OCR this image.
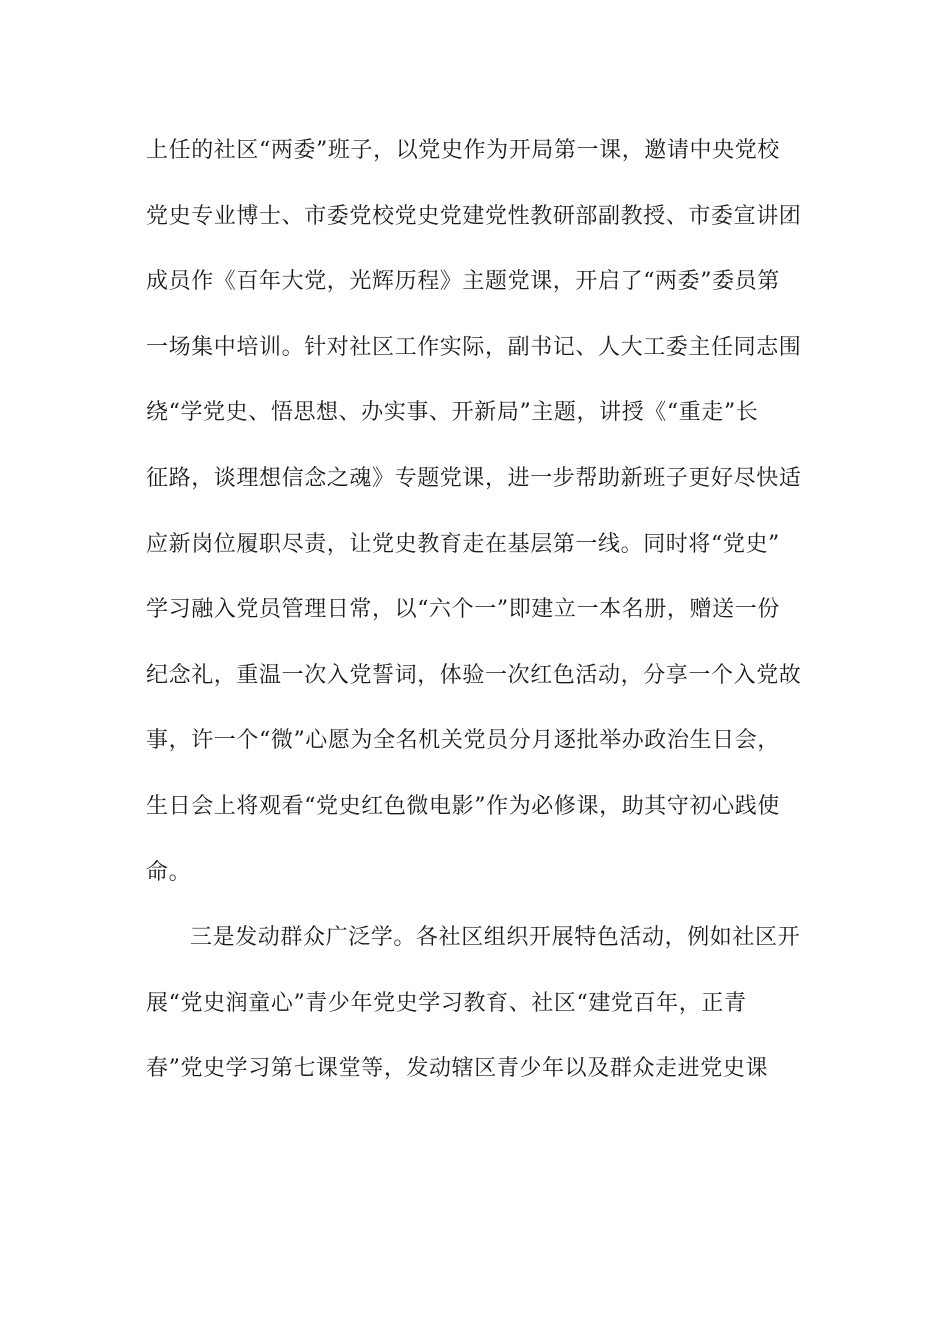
上任的社区“两委”班子，以党史作为开局第一课，邀请中央党校
党史专业博士、市委党校党史党建党性教研部副教授、市委宣讲团
成员作《百年大党，光辉历程》主题党课，开启了“两委”委员第
一场集中培训。针对社区工作实际，副书记、人大工委主任同志围
绕“学党史、悟思想、办实事、开新局”主题，讲授《“重走”长
征路，谈理想信念之魂》专题党课，进一步帮助新班子更好尽快适
应新岗位履职尽责，让党史教育走在基层第一线。同时将“党史”
学习融入党员管理日常，以“六个一”即建立一本名册，赠送一份
纪念礼，重温一次入党誓词，体验一次红色活动，分享一个入党故
事，许一个“微”心愿为全名机关党员分月逐批举办政治生日会，
生日会上将观看“党史红色微电影”作为必修课，助其守初心践使
命。
三是发动群众广泛学。各社区组织开展特色活动，例如社区开
展“党史润童心”青少年党史学习教育、社区“建党百年，正青
春”党史学习第七课堂等，发动辖区青少年以及群众走进党史课
